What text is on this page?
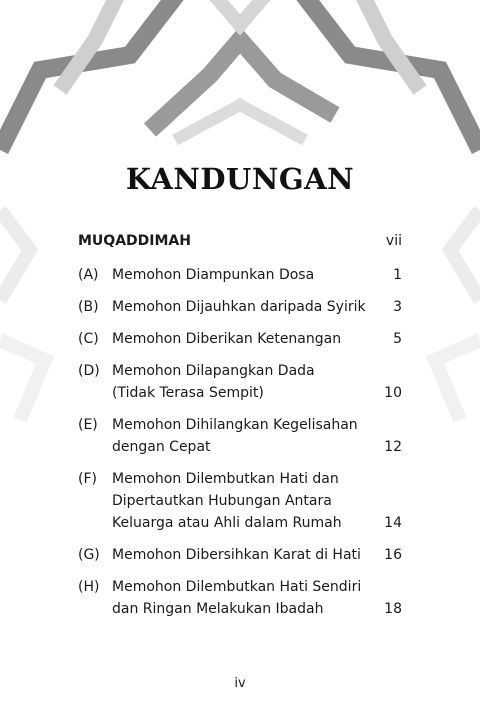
KANDUNGAN
MUQADDIMAH	vii
(A) Memohon Diampunkan Dosa	1
(B) Memohon Dijauhkan daripada Syirik	3
(C) Memohon Diberikan Ketenangan	5
(D) Memohon Dilapangkan Dada
(Tidak Terasa Sempit)	10
(E)	Memohon Dihilangkan Kegelisahan
dengan Cepat	12
(F)	Memohon Dilembutkan Hati dan
Dipertautkan Hubungan Antara
Keluarga atau Ahli dalam Rumah	14
(G) Memohon Dibersihkan Karat di Hati	16
(H) Memohon Dilembutkan Hati Sendiri
dan Ringan Melakukan Ibadah	18
iv
